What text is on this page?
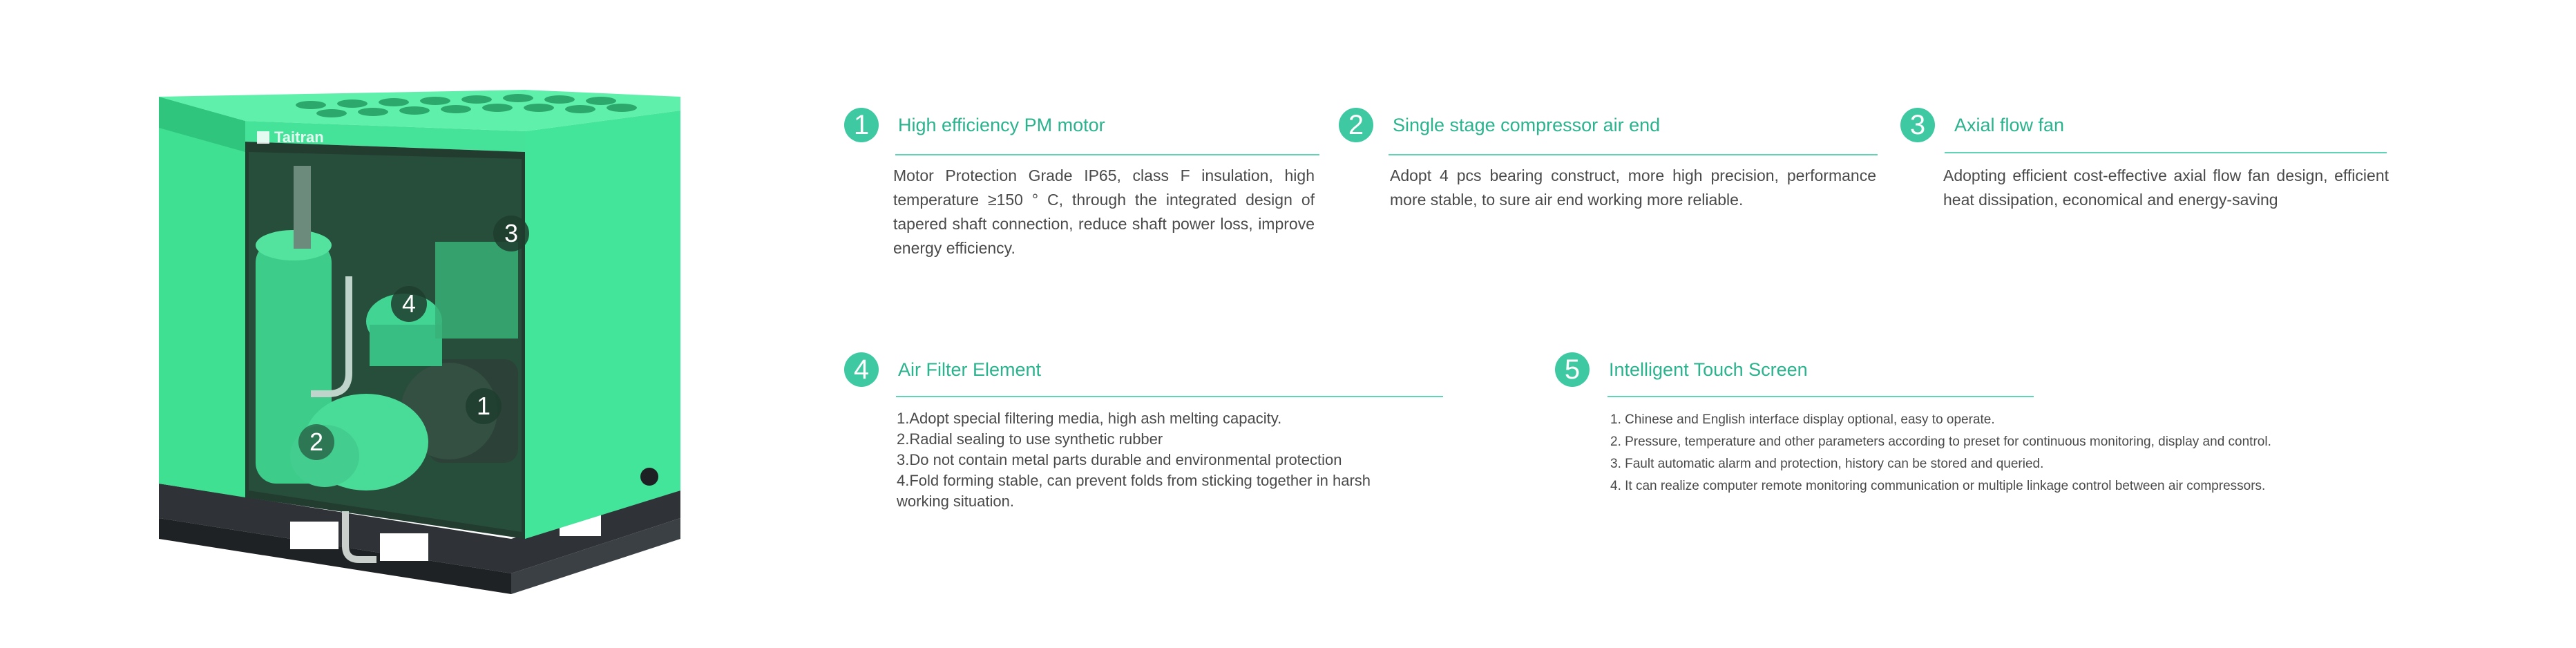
Taitran
1
2
3
4
1	High efficiency PM motor
Motor Protection Grade IP65, class F insulation, high temperature ≥150 ° C, through the integrated design of tapered shaft connection, reduce shaft power loss, improve energy efficiency.
2	Single stage compressor air end
Adopt 4 pcs bearing construct, more high precision, performance more stable, to sure air end working more reliable.
3	Axial flow fan
Adopting efficient cost-effective axial flow fan design, efficient heat dissipation, economical and energy-saving
4	Air Filter Element
1.Adopt special filtering media, high ash melting capacity.
2.Radial sealing to use synthetic rubber
3.Do not contain metal parts durable and environmental protection
4.Fold forming stable, can prevent folds from sticking together in harsh
working situation.
5	Intelligent Touch Screen
1. Chinese and English interface display optional, easy to operate.
2. Pressure, temperature and other parameters according to preset for continuous monitoring, display and control.
3. Fault automatic alarm and protection, history can be stored and queried.
4. It can realize computer remote monitoring communication or multiple linkage control between air compressors.
